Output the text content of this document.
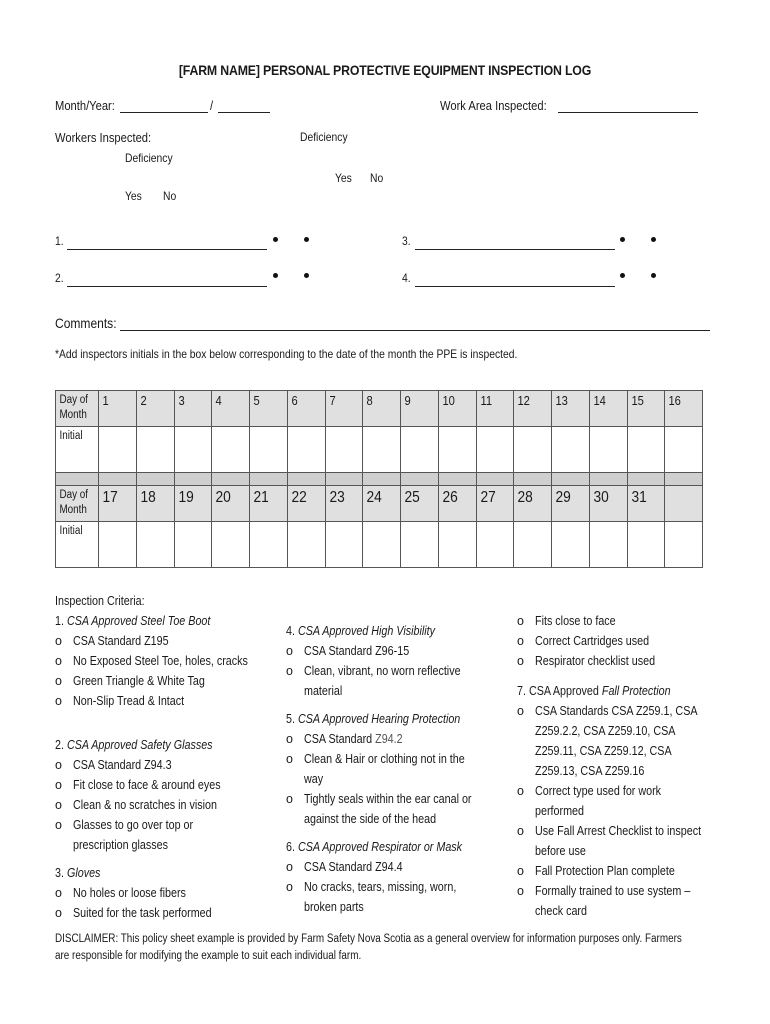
[FARM NAME] PERSONAL PROTECTIVE EQUIPMENT INSPECTION LOG
Month/Year:	/	Work Area Inspected:
Workers Inspected:
Deficiency
Yes No
Deficiency
Yes No
1.
2.
3.
4.
Comments:
*Add inspectors initials in the box below corresponding to the date of the month the PPE is inspected.
Day of
Month	1	2	3	4	5	6	7	8	9	10	11	12	13	14	15	16

Initial																

Day of
Month	17	18	19	20	21	22	23	24	25	26	27	28	29	30	31	

Initial																

Inspection Criteria:
1. CSA Approved Steel Toe Boot
o CSA Standard Z195
o No Exposed Steel Toe, holes, cracks
o Green Triangle & White Tag
o Non-Slip Tread & Intact
2. CSA Approved Safety Glasses
o CSA Standard Z94.3
o Fit close to face & around eyes
o Clean & no scratches in vision
o Glasses to go over top or
prescription glasses
3. Gloves
o No holes or loose fibers
o Suited for the task performed
4. CSA Approved High Visibility
o CSA Standard Z96-15
o Clean, vibrant, no worn reflective
material
5. CSA Approved Hearing Protection
o CSA Standard Z94.2
o Clean & Hair or clothing not in the
way
o Tightly seals within the ear canal or
against the side of the head
6. CSA Approved Respirator or Mask
o CSA Standard Z94.4
o No cracks, tears, missing, worn,
broken parts
o Fits close to face
o Correct Cartridges used
o Respirator checklist used
7. CSA Approved Fall Protection
o CSA Standards CSA Z259.1, CSA
Z259.2.2, CSA Z259.10, CSA
Z259.11, CSA Z259.12, CSA
Z259.13, CSA Z259.16
o Correct type used for work
performed
o Use Fall Arrest Checklist to inspect
before use
o Fall Protection Plan complete
o Formally trained to use system –
check card
DISCLAIMER: This policy sheet example is provided by Farm Safety Nova Scotia as a general overview for information purposes only. Farmers are responsible for modifying the example to suit each individual farm.
